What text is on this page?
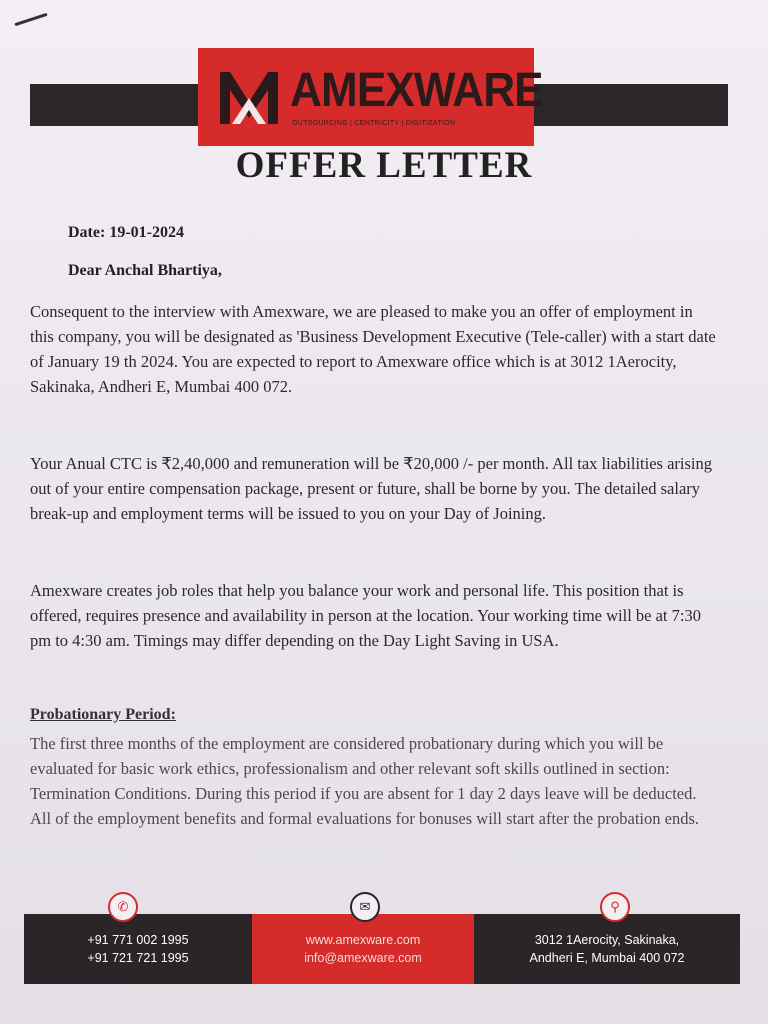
AMEXWARE
OUTSOURCING | CENTRICITY | DIGITIZATION
OFFER LETTER
Date: 19-01-2024
Dear Anchal Bhartiya,

Consequent to the interview with Amexware, we are pleased to make you an offer of employment in this company, you will be designated as 'Business Development Executive (Tele-caller) with a start date of January 19 th 2024. You are expected to report to Amexware office which is at 3012 1Aerocity, Sakinaka, Andheri E, Mumbai 400 072.

Your Anual CTC is ₹2,40,000 and remuneration will be ₹20,000 /- per month. All tax liabilities arising out of your entire compensation package, present or future, shall be borne by you. The detailed salary break-up and employment terms will be issued to you on your Day of Joining.

Amexware creates job roles that help you balance your work and personal life. This position that is offered, requires presence and availability in person at the location. Your working time will be at 7:30 pm to 4:30 am. Timings may differ depending on the Day Light Saving in USA.

Probationary Period:

The first three months of the employment are considered probationary during which you will be evaluated for basic work ethics, professionalism and other relevant soft skills outlined in section: Termination Conditions. During this period if you are absent for 1 day 2 days leave will be deducted. All of the employment benefits and formal evaluations for bonuses will start after the probation ends.

+91 771 002 1995
+91 721 721 1995
www.amexware.com
info@amexware.com
3012 1Aerocity, Sakinaka,
Andheri E, Mumbai 400 072
✆	✉	⚲
